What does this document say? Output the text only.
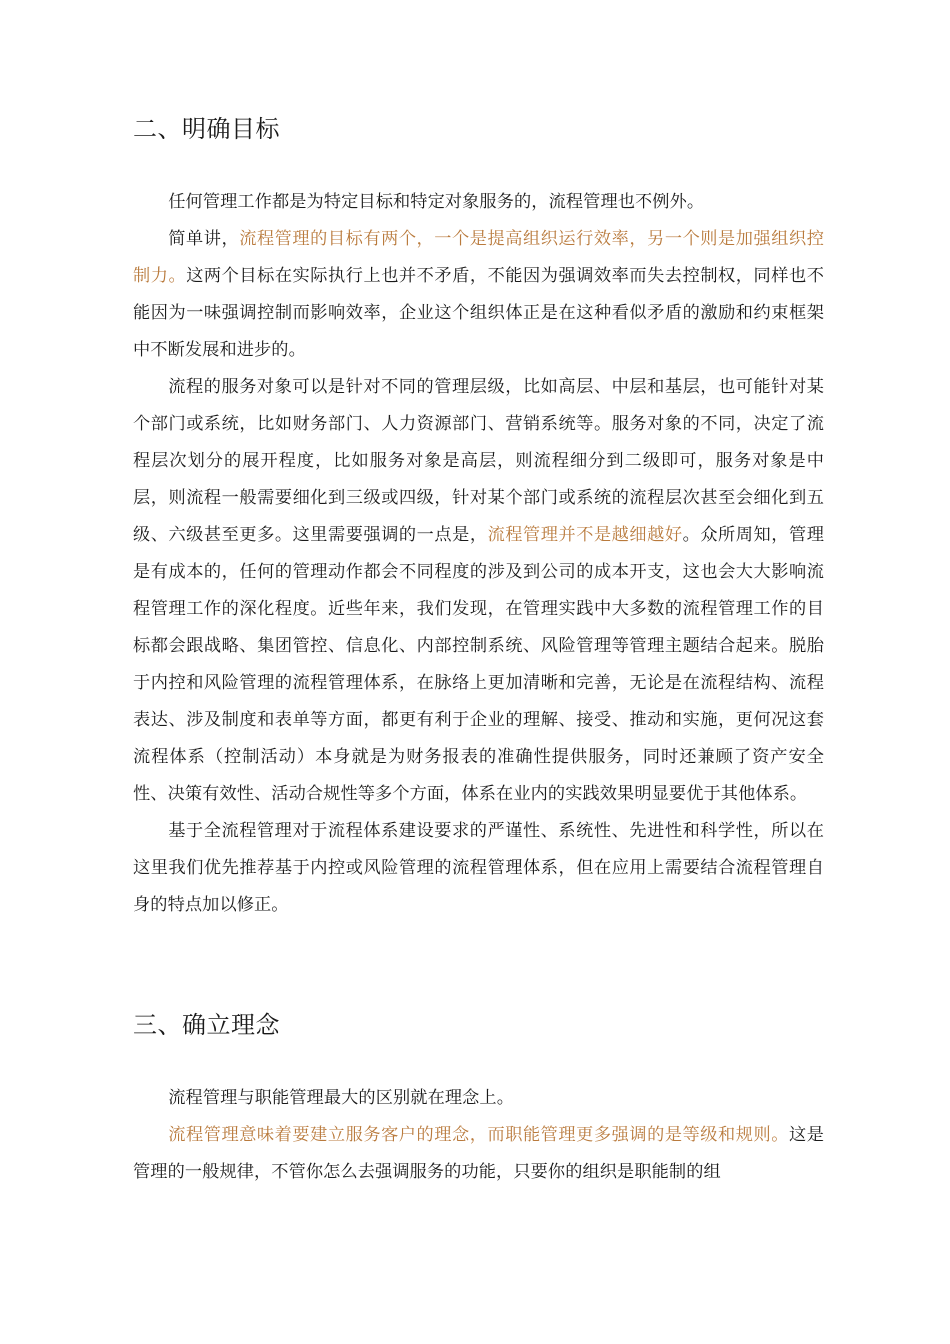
二、明确目标

任何管理工作都是为特定目标和特定对象服务的，流程管理也不例外。

简单讲，流程管理的目标有两个，一个是提高组织运行效率，另一个则是加强组织控制力。这两个目标在实际执行上也并不矛盾，不能因为强调效率而失去控制权，同样也不能因为一味强调控制而影响效率，企业这个组织体正是在这种看似矛盾的激励和约束框架中不断发展和进步的。

流程的服务对象可以是针对不同的管理层级，比如高层、中层和基层，也可能针对某个部门或系统，比如财务部门、人力资源部门、营销系统等。服务对象的不同，决定了流程层次划分的展开程度，比如服务对象是高层，则流程细分到二级即可，服务对象是中层，则流程一般需要细化到三级或四级，针对某个部门或系统的流程层次甚至会细化到五级、六级甚至更多。这里需要强调的一点是，流程管理并不是越细越好。众所周知，管理是有成本的，任何的管理动作都会不同程度的涉及到公司的成本开支，这也会大大影响流程管理工作的深化程度。近些年来，我们发现，在管理实践中大多数的流程管理工作的目标都会跟战略、集团管控、信息化、内部控制系统、风险管理等管理主题结合起来。脱胎于内控和风险管理的流程管理体系，在脉络上更加清晰和完善，无论是在流程结构、流程表达、涉及制度和表单等方面，都更有利于企业的理解、接受、推动和实施，更何况这套流程体系（控制活动）本身就是为财务报表的准确性提供服务，同时还兼顾了资产安全性、决策有效性、活动合规性等多个方面，体系在业内的实践效果明显要优于其他体系。

基于全流程管理对于流程体系建设要求的严谨性、系统性、先进性和科学性，所以在这里我们优先推荐基于内控或风险管理的流程管理体系，但在应用上需要结合流程管理自身的特点加以修正。

三、确立理念

流程管理与职能管理最大的区别就在理念上。

流程管理意味着要建立服务客户的理念，而职能管理更多强调的是等级和规则。这是管理的一般规律，不管你怎么去强调服务的功能，只要你的组织是职能制的组
